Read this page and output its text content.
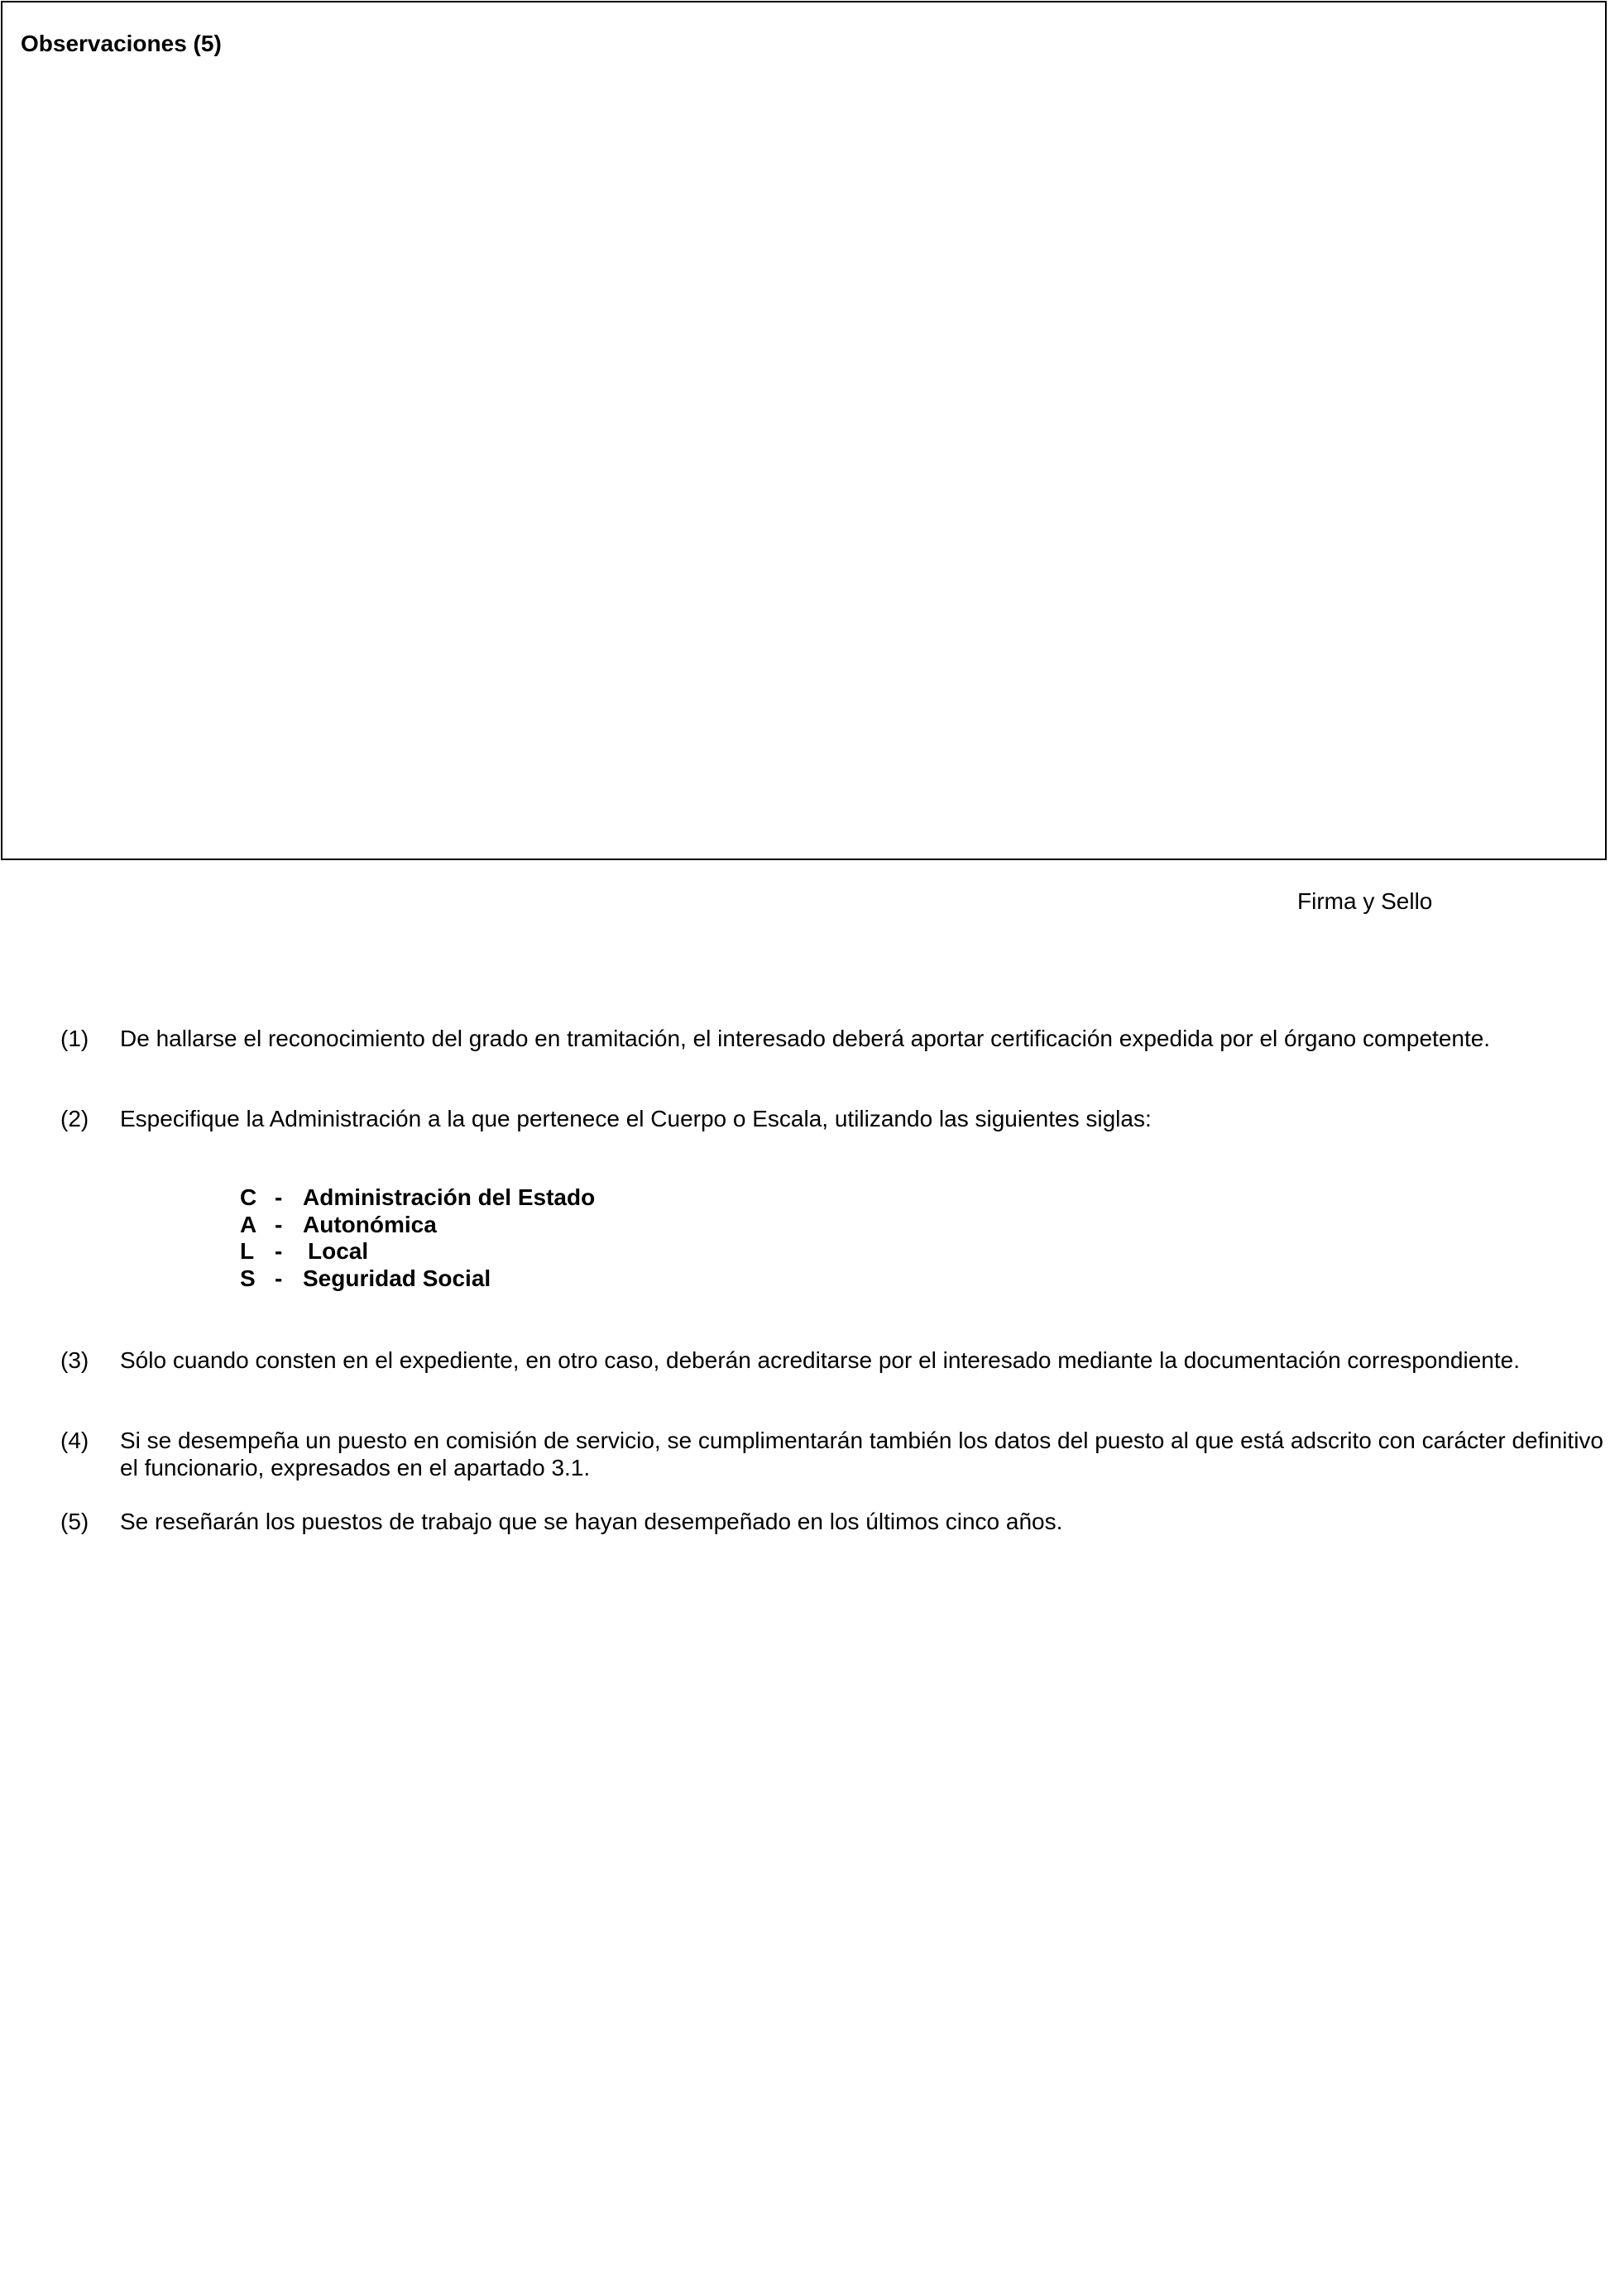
Observaciones (5)
Firma y Sello
(1) De hallarse el reconocimiento del grado en tramitación, el interesado deberá aportar certificación expedida por el órgano competente.
(2) Especifique la Administración a la que pertenece el Cuerpo o Escala, utilizando las siguientes siglas:
C - Administración del Estado
A - Autonómica
L - Local
S - Seguridad Social
(3) Sólo cuando consten en el expediente, en otro caso, deberán acreditarse por el interesado mediante la documentación correspondiente.
(4) Si se desempeña un puesto en comisión de servicio, se cumplimentarán también los datos del puesto al que está adscrito con carácter definitivo
el funcionario, expresados en el apartado 3.1.
(5) Se reseñarán los puestos de trabajo que se hayan desempeñado en los últimos cinco años.
